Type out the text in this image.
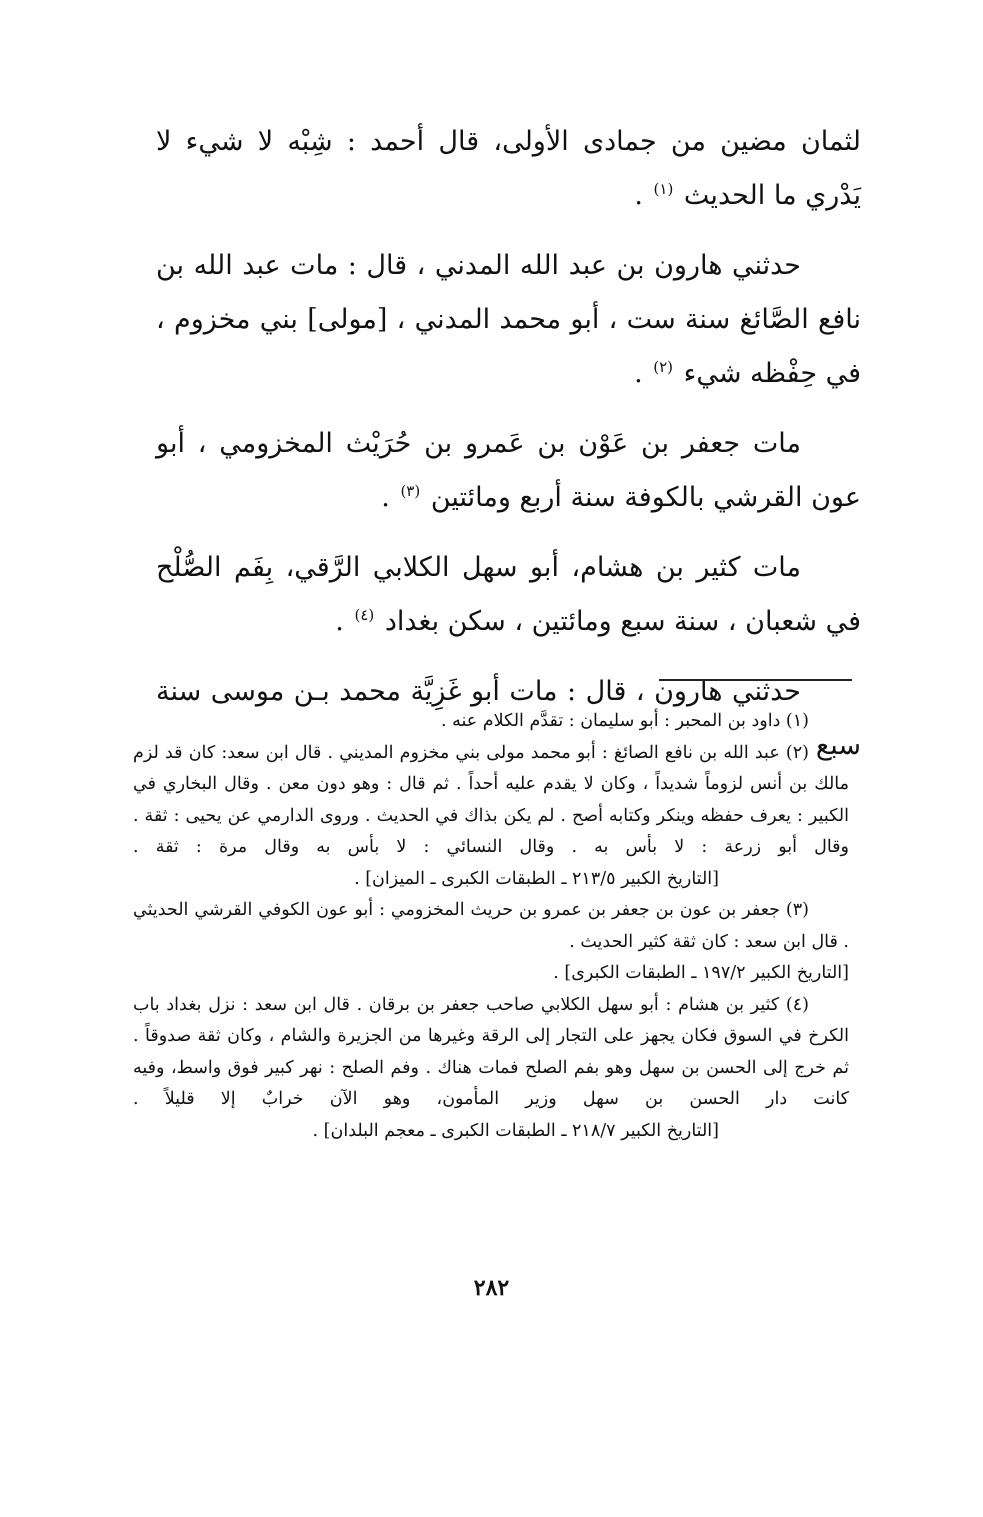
لثمان مضين من جمادى الأولى، قال أحمد : شِبْه لا شيء لا يَدْري ما الحديث $^{(١)}$ .

حدثني هارون بن عبد الله المدني ، قال : مات عبد الله بن نافع الصَّائغ سنة ست ، أبو محمد المدني ، [مولى] بني مخزوم ، في حِفْظه شيء $^{(٢)}$ .

مات جعفر بن عَوْن بن عَمرو بن حُرَيْث المخزومي ، أبو عون القرشي بالكوفة سنة أربع ومائتين $^{(٣)}$ .

مات كثير بن هشام، أبو سهل الكلابي الرَّقي، بِفَم الصُّلْح في شعبان ، سنة سبع ومائتين ، سكن بغداد $^{(٤)}$ .

حدثني هارون ، قال : مات أبو غَزِيَّة محمد بـن موسى سنة سبع

(١) داود بن المحبر : أبو سليمان : تقدَّم الكلام عنه .

(٢) عبد الله بن نافع الصائغ : أبو محمد مولى بني مخزوم المديني . قال ابن سعد: كان قد لزم مالك بن أنس لزوماً شديداً ، وكان لا يقدم عليه أحداً . ثم قال : وهو دون معن . وقال البخاري في الكبير : يعرف حفظه وينكر وكتابه أصح . لم يكن بذاك في الحديث . وروى الدارمي عن يحيى : ثقة . وقال أبو زرعة : لا بأس به . وقال النسائي : لا بأس به وقال مرة : ثقة . [التاريخ الكبير ٢١٣/٥ ـ الطبقات الكبرى ـ الميزان] .

(٣) جعفر بن عون بن جعفر بن عمرو بن حريث المخزومي : أبو عون الكوفي القرشي الحديثي . قال ابن سعد : كان ثقة كثير الحديث .

[التاريخ الكبير ١٩٧/٢ ـ الطبقات الكبرى] .

(٤) كثير بن هشام : أبو سهل الكلابي صاحب جعفر بن برقان . قال ابن سعد : نزل بغداد باب الكرخ في السوق فكان يجهز على التجار إلى الرقة وغيرها من الجزيرة والشام ، وكان ثقة صدوقاً . ثم خرج إلى الحسن بن سهل وهو بفم الصلح فمات هناك . وفم الصلح : نهر كبير فوق واسط، وفيه كانت دار الحسن بن سهل وزير المأمون، وهو الآن خرابٌ إلا قليلاً . [التاريخ الكبير ٢١٨/٧ ـ الطبقات الكبرى ـ معجم البلدان] .

٢٨٢
